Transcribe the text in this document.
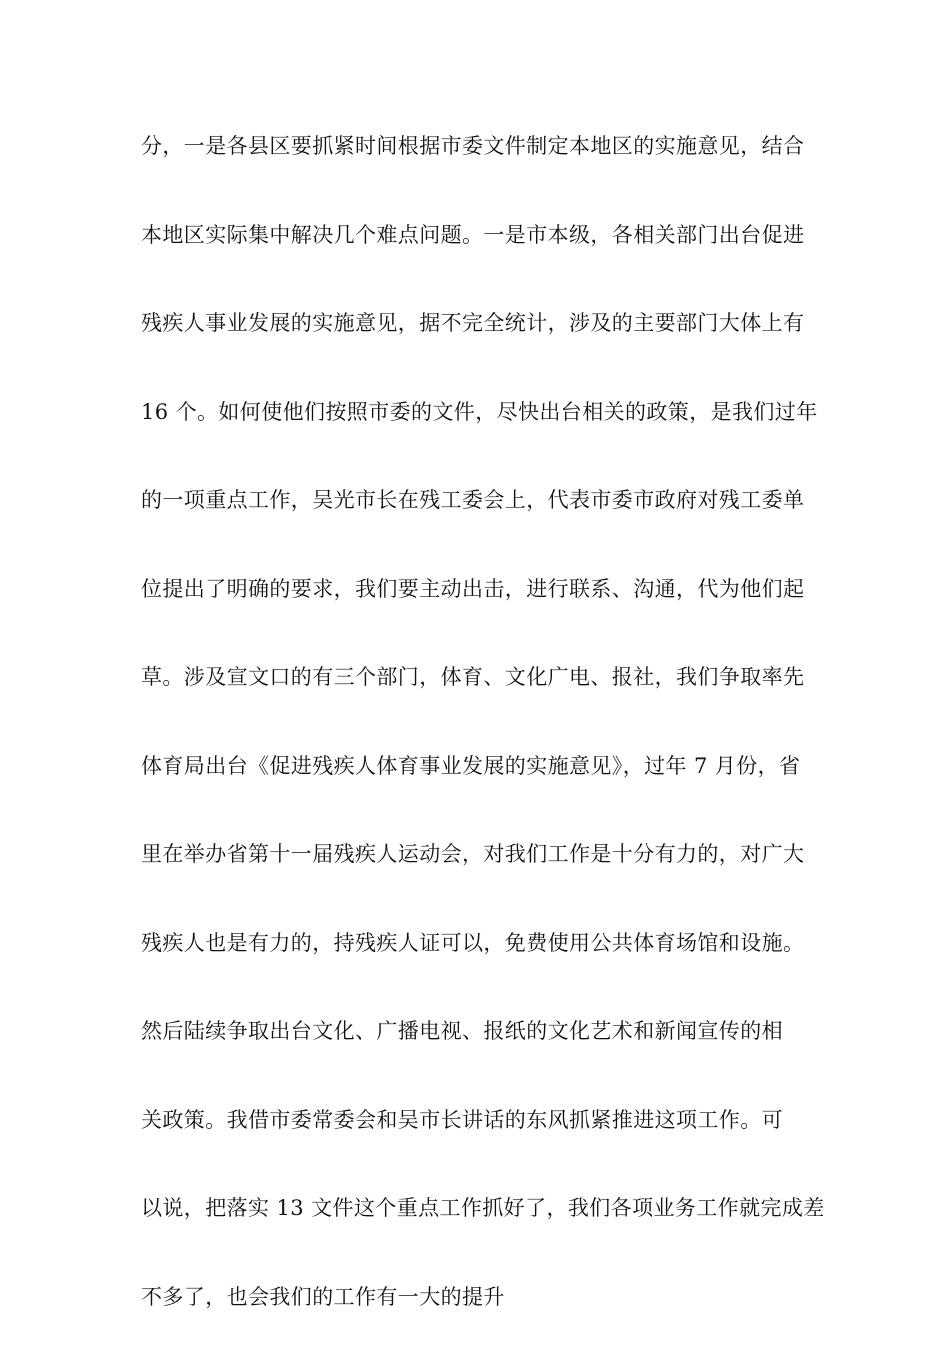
分，一是各县区要抓紧时间根据市委文件制定本地区的实施意见，结合
本地区实际集中解决几个难点问题。一是市本级，各相关部门出台促进
残疾人事业发展的实施意见，据不完全统计，涉及的主要部门大体上有
16 个。如何使他们按照市委的文件，尽快出台相关的政策，是我们过年
的一项重点工作，吴光市长在残工委会上，代表市委市政府对残工委单
位提出了明确的要求，我们要主动出击，进行联系、沟通，代为他们起
草。涉及宣文口的有三个部门，体育、文化广电、报社，我们争取率先
体育局出台《促进残疾人体育事业发展的实施意见》，过年 7 月份，省
里在举办省第十一届残疾人运动会，对我们工作是十分有力的，对广大
残疾人也是有力的，持残疾人证可以，免费使用公共体育场馆和设施。
然后陆续争取出台文化、广播电视、报纸的文化艺术和新闻宣传的相
关政策。我借市委常委会和吴市长讲话的东风抓紧推进这项工作。可
以说，把落实 13 文件这个重点工作抓好了，我们各项业务工作就完成差
不多了，也会我们的工作有一大的提升
